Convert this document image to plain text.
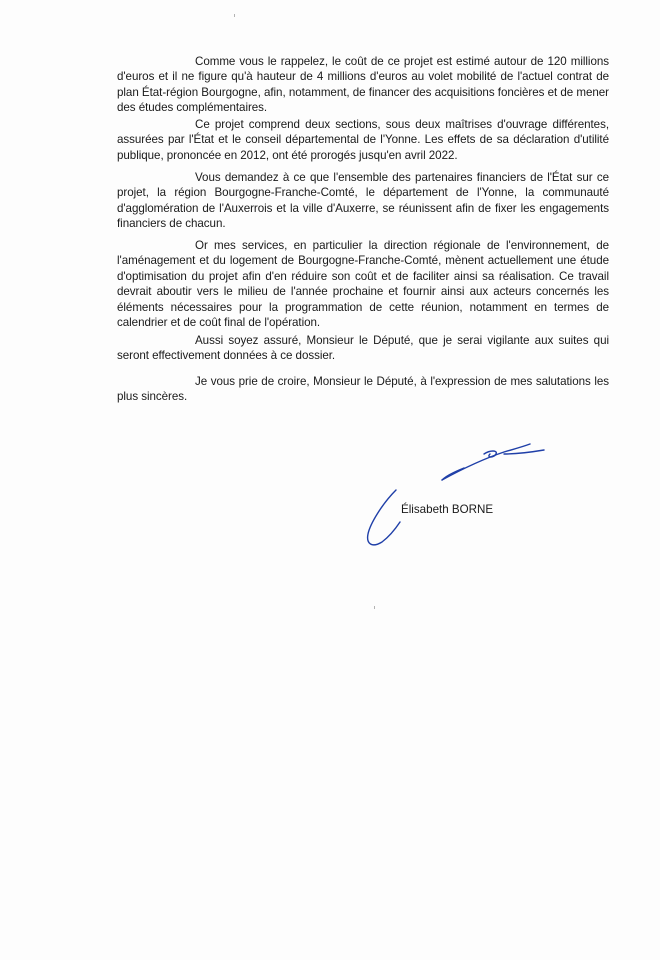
Comme vous le rappelez, le coût de ce projet est estimé autour de 120 millions d'euros et il ne figure qu'à hauteur de 4 millions d'euros au volet mobilité de l'actuel contrat de plan État-région Bourgogne, afin, notamment, de financer des acquisitions foncières et de mener des études complémentaires.
Ce projet comprend deux sections, sous deux maîtrises d'ouvrage différentes, assurées par l'État et le conseil départemental de l'Yonne. Les effets de sa déclaration d'utilité publique, prononcée en 2012, ont été prorogés jusqu'en avril 2022.
Vous demandez à ce que l'ensemble des partenaires financiers de l'État sur ce projet, la région Bourgogne-Franche-Comté, le département de l'Yonne, la communauté d'agglomération de l'Auxerrois et la ville d'Auxerre, se réunissent afin de fixer les engagements financiers de chacun.
Or mes services, en particulier la direction régionale de l'environnement, de l'aménagement et du logement de Bourgogne-Franche-Comté, mènent actuellement une étude d'optimisation du projet afin d'en réduire son coût et de faciliter ainsi sa réalisation. Ce travail devrait aboutir vers le milieu de l'année prochaine et fournir ainsi aux acteurs concernés les éléments nécessaires pour la programmation de cette réunion, notamment en termes de calendrier et de coût final de l'opération.
Aussi soyez assuré, Monsieur le Député, que je serai vigilante aux suites qui seront effectivement données à ce dossier.
Je vous prie de croire, Monsieur le Député, à l'expression de mes salutations les plus sincères.
Élisabeth BORNE
